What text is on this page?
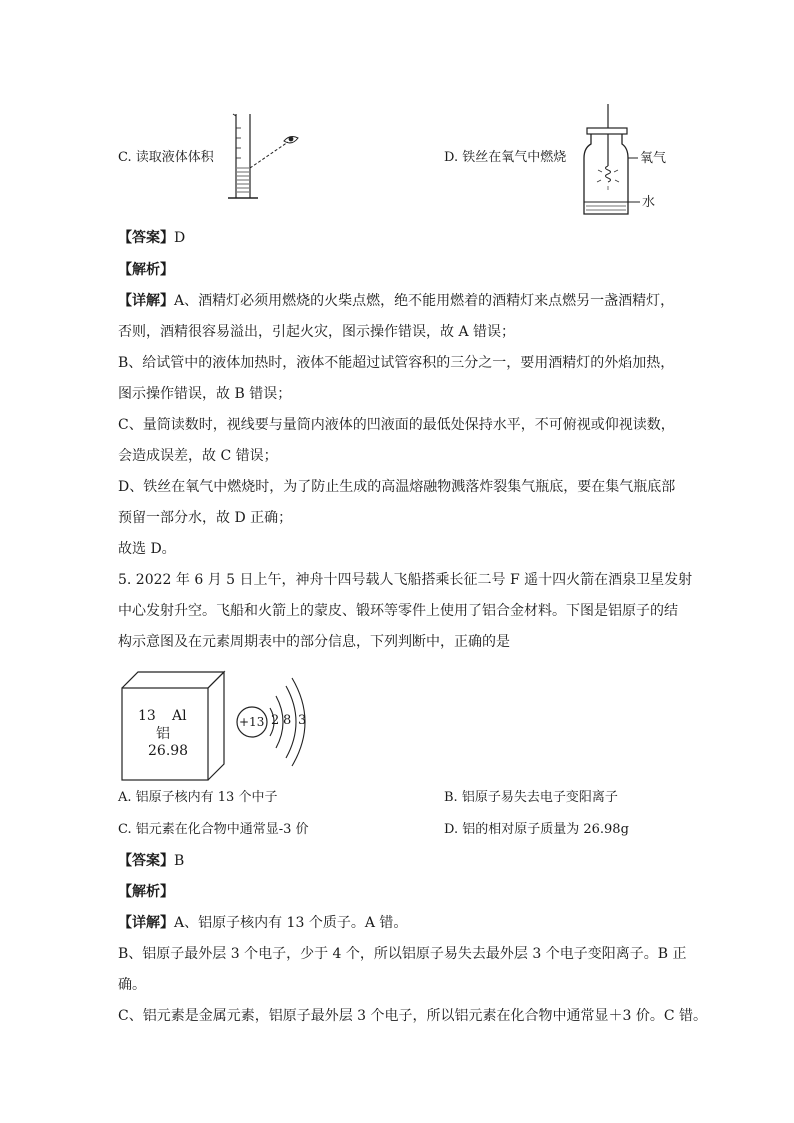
C. 读取液体体积	D. 铁丝在氧气中燃烧	氧气
水
【答案】D
【解析】
【详解】A、酒精灯必须用燃烧的火柴点燃，绝不能用燃着的酒精灯来点燃另一盏酒精灯，
否则，酒精很容易溢出，引起火灾，图示操作错误，故 A 错误；
B、给试管中的液体加热时，液体不能超过试管容积的三分之一，要用酒精灯的外焰加热，
图示操作错误，故 B 错误；
C、量筒读数时，视线要与量筒内液体的凹液面的最低处保持水平，不可俯视或仰视读数，
会造成误差，故 C 错误；
D、铁丝在氧气中燃烧时，为了防止生成的高温熔融物溅落炸裂集气瓶底，要在集气瓶底部
预留一部分水，故 D 正确；
故选 D。
5. 2022 年 6 月 5 日上午，神舟十四号载人飞船搭乘长征二号 F 遥十四火箭在酒泉卫星发射
中心发射升空。飞船和火箭上的蒙皮、锻环等零件上使用了铝合金材料。下图是铝原子的结
构示意图及在元素周期表中的部分信息，下列判断中，正确的是
13 Al
铝
26.98
+13 2 8 3
A. 铝原子核内有 13 个中子	B. 铝原子易失去电子变阳离子
C. 铝元素在化合物中通常显-3 价	D. 铝的相对原子质量为 26.98g
【答案】B
【解析】
【详解】A、铝原子核内有 13 个质子。A 错。
B、铝原子最外层 3 个电子，少于 4 个，所以铝原子易失去最外层 3 个电子变阳离子。B 正
确。
C、铝元素是金属元素，铝原子最外层 3 个电子，所以铝元素在化合物中通常显＋3 价。C 错。
